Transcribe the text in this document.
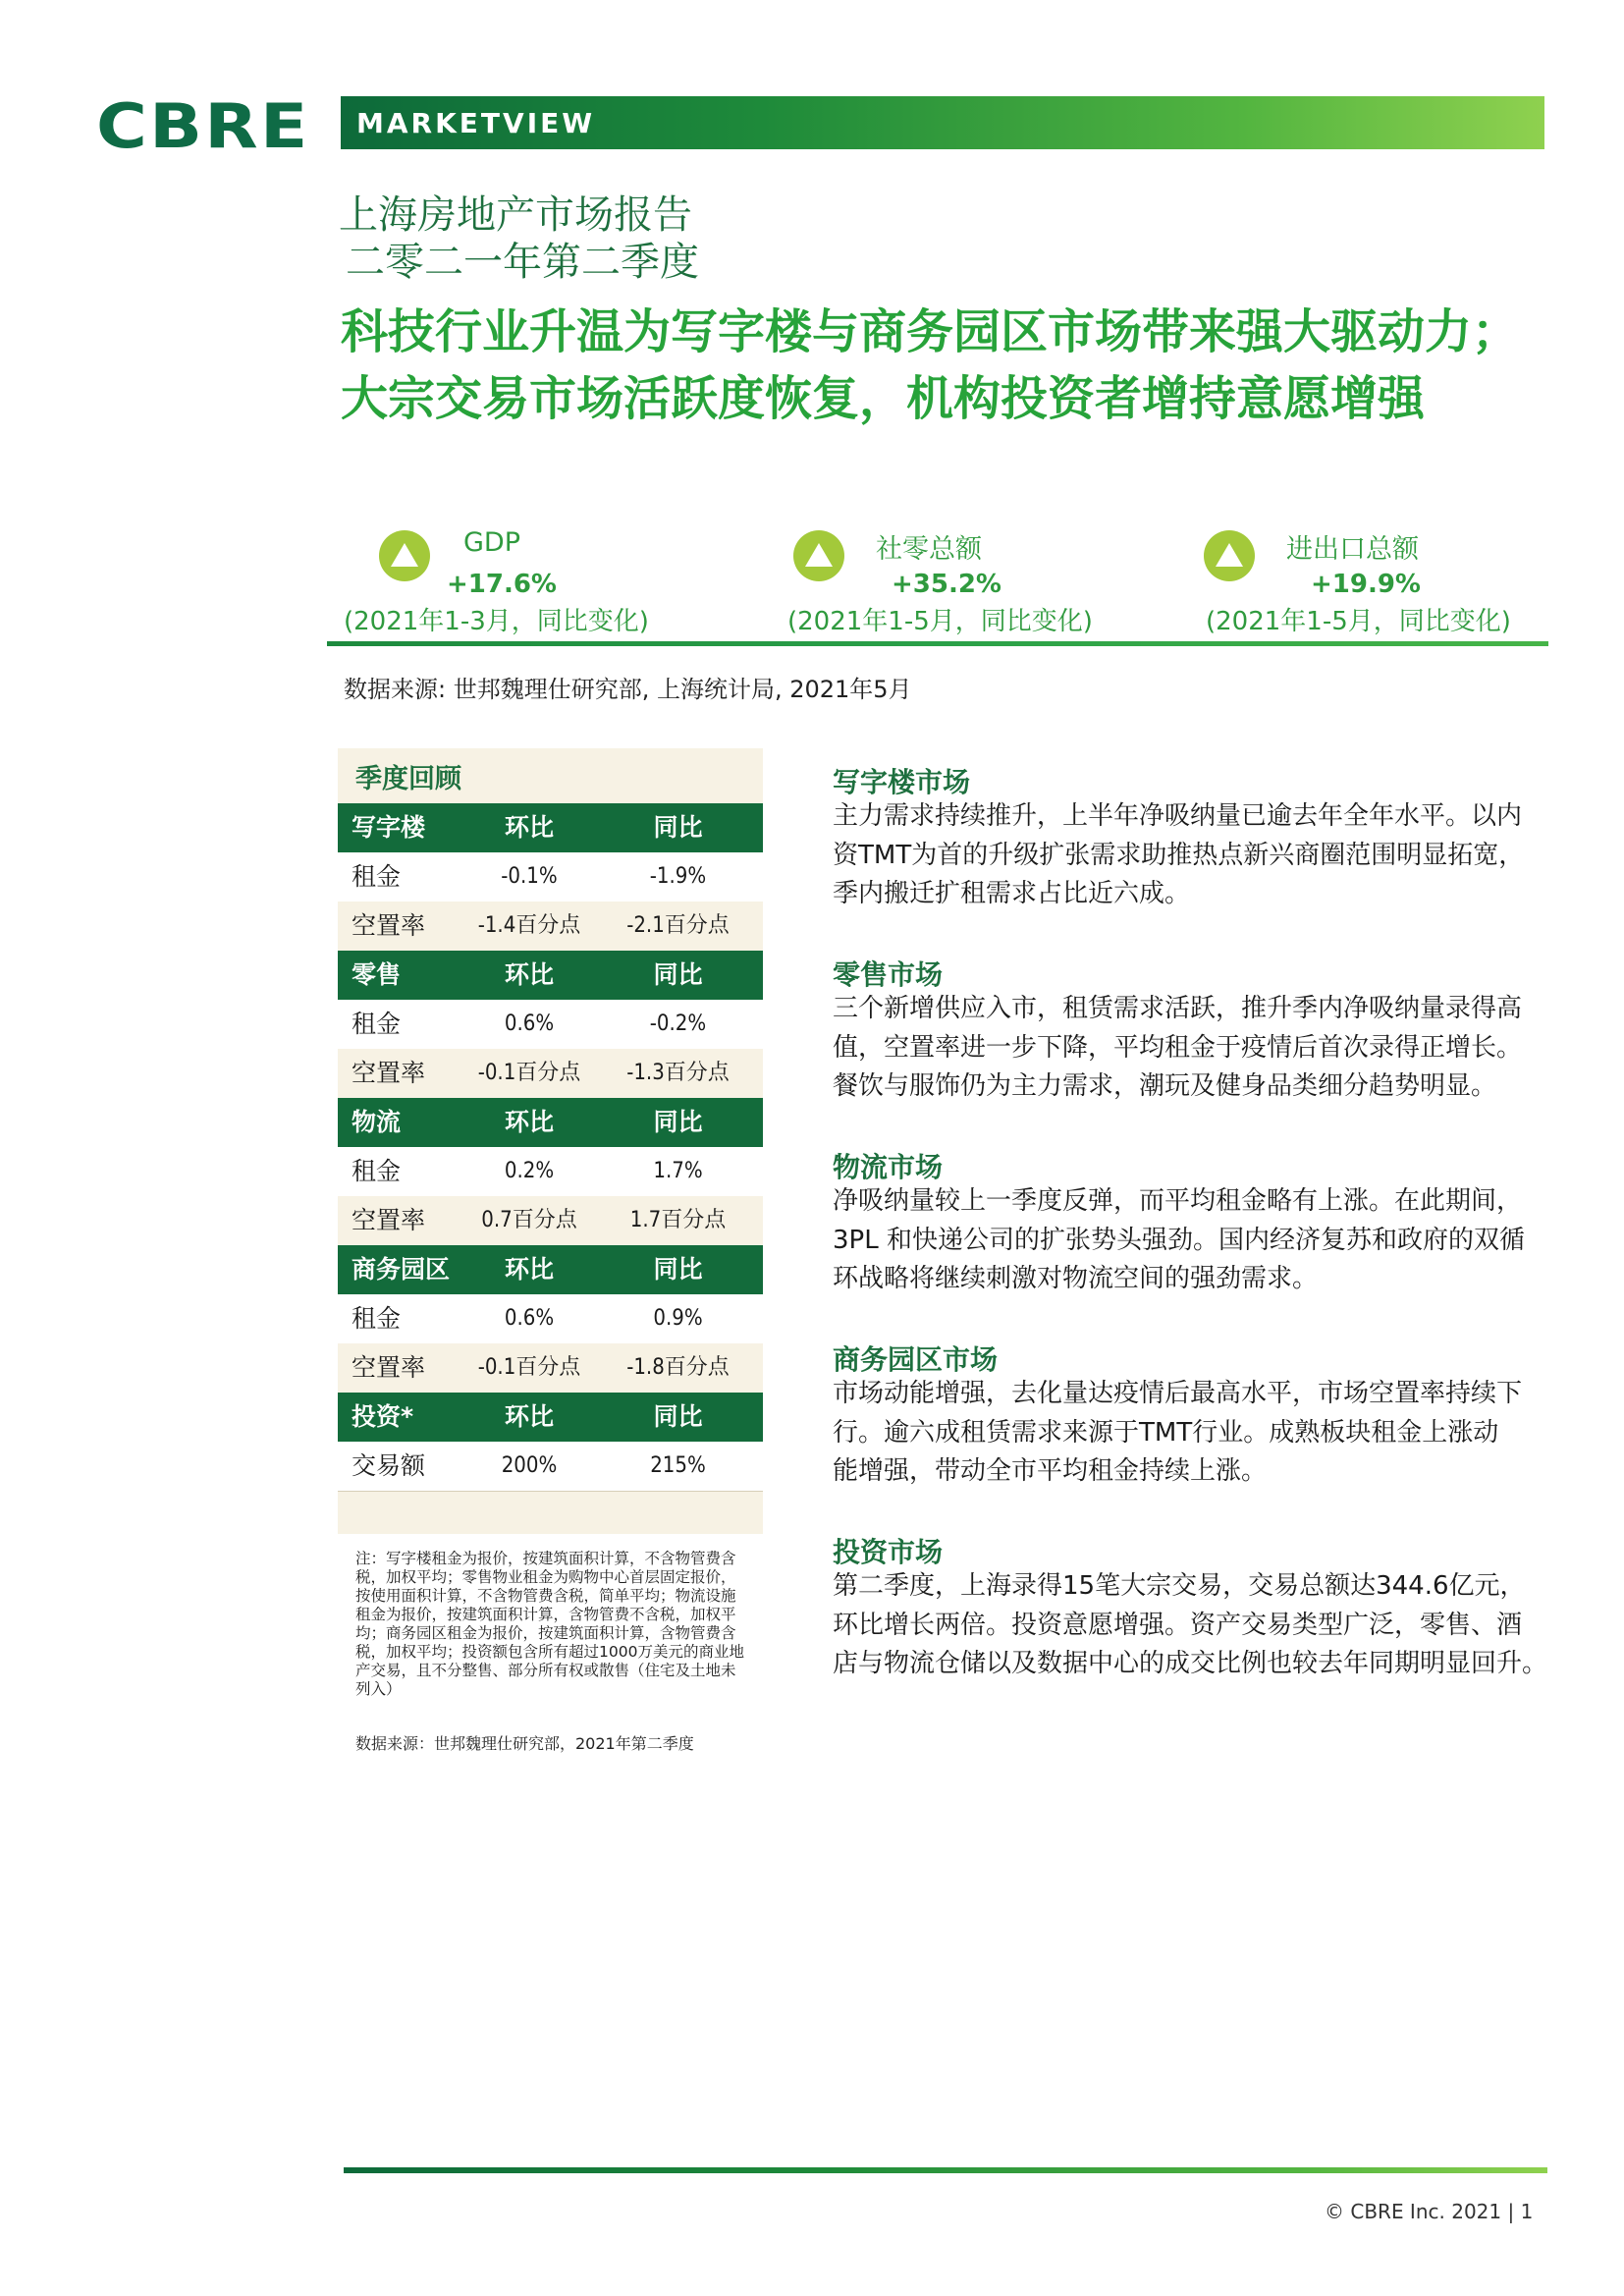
CBRE MARKETVIEW
上海房地产市场报告
二零二一年第二季度
科技行业升温为写字楼与商务园区市场带来强大驱动力；
大宗交易市场活跃度恢复，机构投资者增持意愿增强
GDP
+17.6%
(2021年1-3月，同比变化)
社零总额
+35.2%
(2021年1-5月，同比变化)
进出口总额
+19.9%
(2021年1-5月，同比变化)
数据来源: 世邦魏理仕研究部, 上海统计局, 2021年5月
季度回顾
写字楼	环比	同比
租金	-0.1%	-1.9%
空置率	-1.4百分点	-2.1百分点
零售	环比	同比
租金	0.6%	-0.2%
空置率	-0.1百分点	-1.3百分点
物流	环比	同比
租金	0.2%	1.7%
空置率	0.7百分点	1.7百分点
商务园区	环比	同比
租金	0.6%	0.9%
空置率	-0.1百分点	-1.8百分点
投资*	环比	同比
交易额	200%	215%
注：写字楼租金为报价，按建筑面积计算，不含物管费含税，加权平均；零售物业租金为购物中心首层固定报价，按使用面积计算，不含物管费含税，简单平均；物流设施租金为报价，按建筑面积计算，含物管费不含税，加权平均；商务园区租金为报价，按建筑面积计算，含物管费含税，加权平均；投资额包含所有超过1000万美元的商业地产交易，且不分整售、部分所有权或散售（住宅及土地未列入）
数据来源：世邦魏理仕研究部，2021年第二季度
写字楼市场
主力需求持续推升，上半年净吸纳量已逾去年全年水平。以内
资TMT为首的升级扩张需求助推热点新兴商圈范围明显拓宽，
季内搬迁扩租需求占比近六成。
零售市场
三个新增供应入市，租赁需求活跃，推升季内净吸纳量录得高
值，空置率进一步下降，平均租金于疫情后首次录得正增长。
餐饮与服饰仍为主力需求，潮玩及健身品类细分趋势明显。
物流市场
净吸纳量较上一季度反弹，而平均租金略有上涨。在此期间，
3PL 和快递公司的扩张势头强劲。国内经济复苏和政府的双循
环战略将继续刺激对物流空间的强劲需求。
商务园区市场
市场动能增强，去化量达疫情后最高水平，市场空置率持续下
行。逾六成租赁需求来源于TMT行业。成熟板块租金上涨动
能增强，带动全市平均租金持续上涨。
投资市场
第二季度，上海录得15笔大宗交易，交易总额达344.6亿元，
环比增长两倍。投资意愿增强。资产交易类型广泛，零售、酒
店与物流仓储以及数据中心的成交比例也较去年同期明显回升。
© CBRE Inc. 2021 | 1
